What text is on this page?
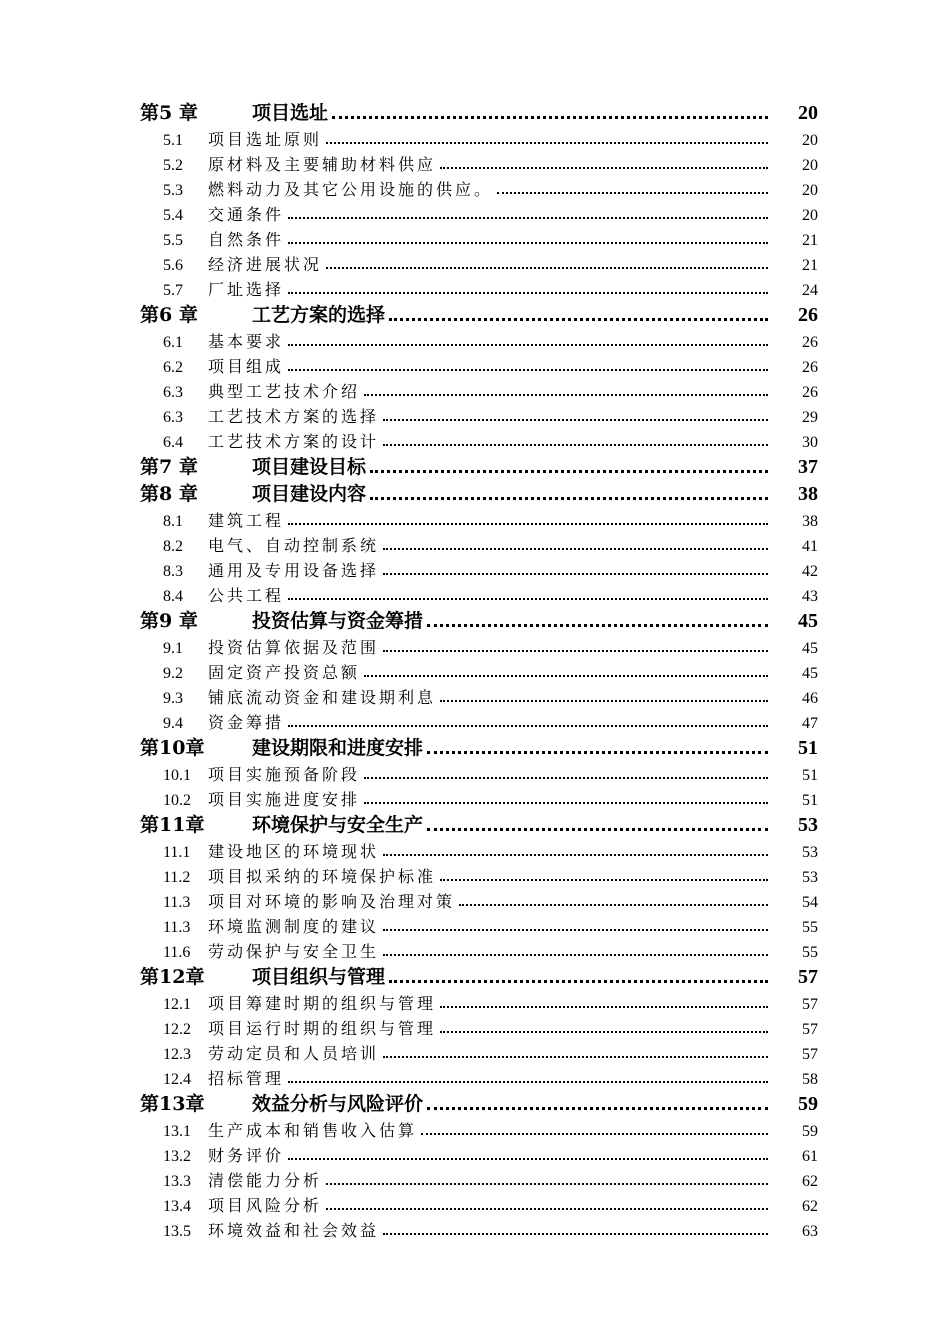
第5 章	项目选址	20
5.1	项目选址原则	20
5.2	原材料及主要辅助材料供应	20
5.3	燃料动力及其它公用设施的供应。	20
5.4	交通条件	20
5.5	自然条件	21
5.6	经济进展状况	21
5.7	厂址选择	24
第6 章	工艺方案的选择	26
6.1	基本要求	26
6.2	项目组成	26
6.3	典型工艺技术介绍	26
6.3	工艺技术方案的选择	29
6.4	工艺技术方案的设计	30
第7 章	项目建设目标	37
第8 章	项目建设内容	38
8.1	建筑工程	38
8.2	电气、自动控制系统	41
8.3	通用及专用设备选择	42
8.4	公共工程	43
第9 章	投资估算与资金筹措	45
9.1	投资估算依据及范围	45
9.2	固定资产投资总额	45
9.3	铺底流动资金和建设期利息	46
9.4	资金筹措	47
第10章	建设期限和进度安排	51
10.1	项目实施预备阶段	51
10.2	项目实施进度安排	51
第11章	环境保护与安全生产	53
11.1	建设地区的环境现状	53
11.2	项目拟采纳的环境保护标准	53
11.3	项目对环境的影响及治理对策	54
11.3	环境监测制度的建议	55
11.6	劳动保护与安全卫生	55
第12章	项目组织与管理	57
12.1	项目筹建时期的组织与管理	57
12.2	项目运行时期的组织与管理	57
12.3	劳动定员和人员培训	57
12.4	招标管理	58
第13章	效益分析与风险评价	59
13.1	生产成本和销售收入估算	59
13.2	财务评价	61
13.3	清偿能力分析	62
13.4	项目风险分析	62
13.5	环境效益和社会效益	63
